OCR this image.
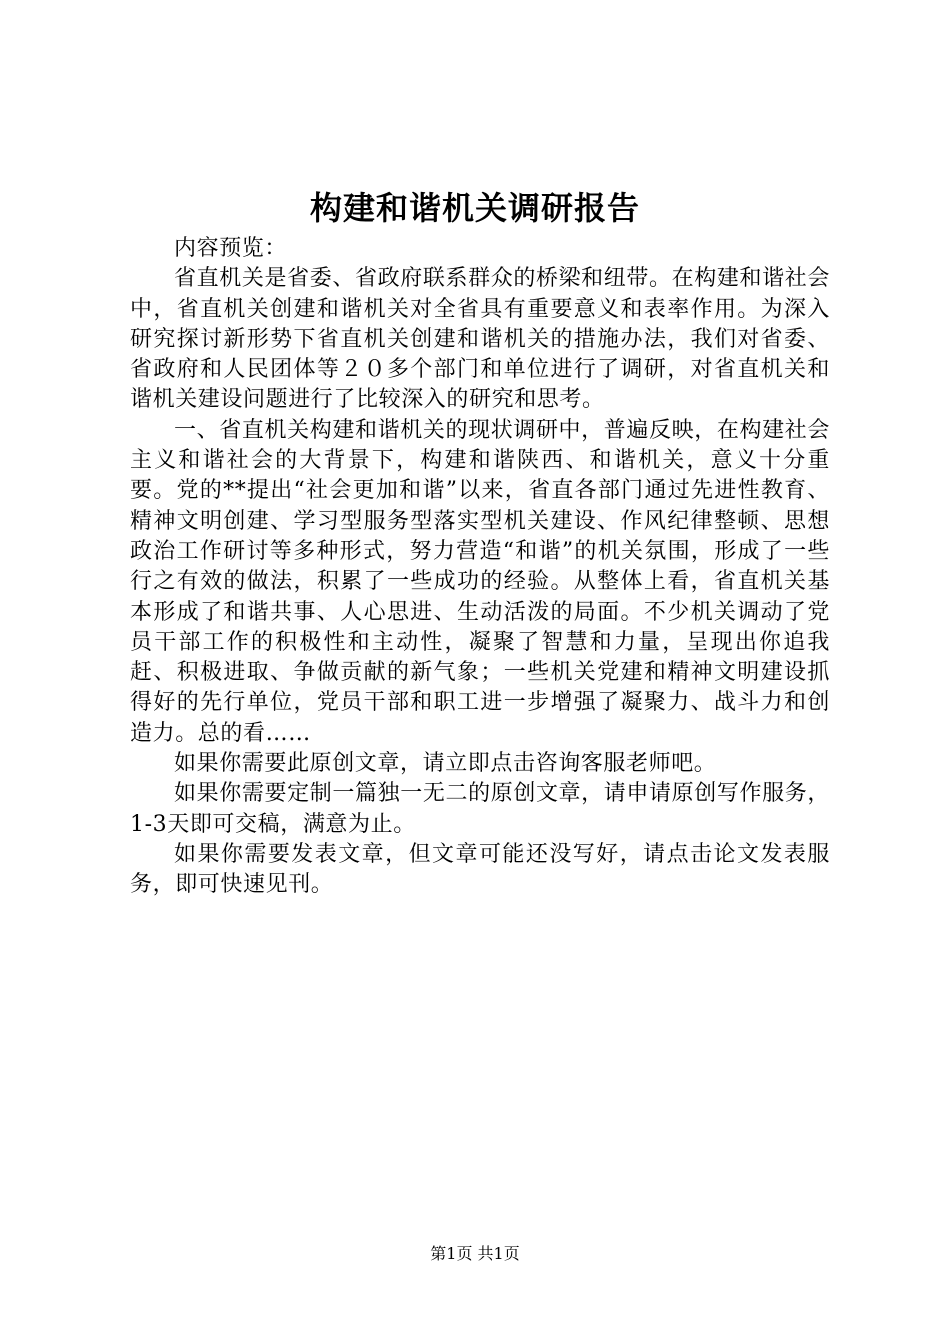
构建和谐机关调研报告

内容预览：

省直机关是省委、省政府联系群众的桥梁和纽带。在构建和谐社会中，省直机关创建和谐机关对全省具有重要意义和表率作用。为深入研究探讨新形势下省直机关创建和谐机关的措施办法，我们对省委、省政府和人民团体等２０多个部门和单位进行了调研，对省直机关和谐机关建设问题进行了比较深入的研究和思考。

一、省直机关构建和谐机关的现状调研中，普遍反映，在构建社会主义和谐社会的大背景下，构建和谐陕西、和谐机关，意义十分重要。党的**提出“社会更加和谐”以来，省直各部门通过先进性教育、精神文明创建、学习型服务型落实型机关建设、作风纪律整顿、思想政治工作研讨等多种形式，努力营造“和谐”的机关氛围，形成了一些行之有效的做法，积累了一些成功的经验。从整体上看，省直机关基本形成了和谐共事、人心思进、生动活泼的局面。不少机关调动了党员干部工作的积极性和主动性，凝聚了智慧和力量，呈现出你追我赶、积极进取、争做贡献的新气象；一些机关党建和精神文明建设抓得好的先行单位，党员干部和职工进一步增强了凝聚力、战斗力和创造力。总的看……

如果你需要此原创文章，请立即点击咨询客服老师吧。

如果你需要定制一篇独一无二的原创文章，请申请原创写作服务，1-3天即可交稿，满意为止。

如果你需要发表文章，但文章可能还没写好，请点击论文发表服务，即可快速见刊。

第1页 共1页
